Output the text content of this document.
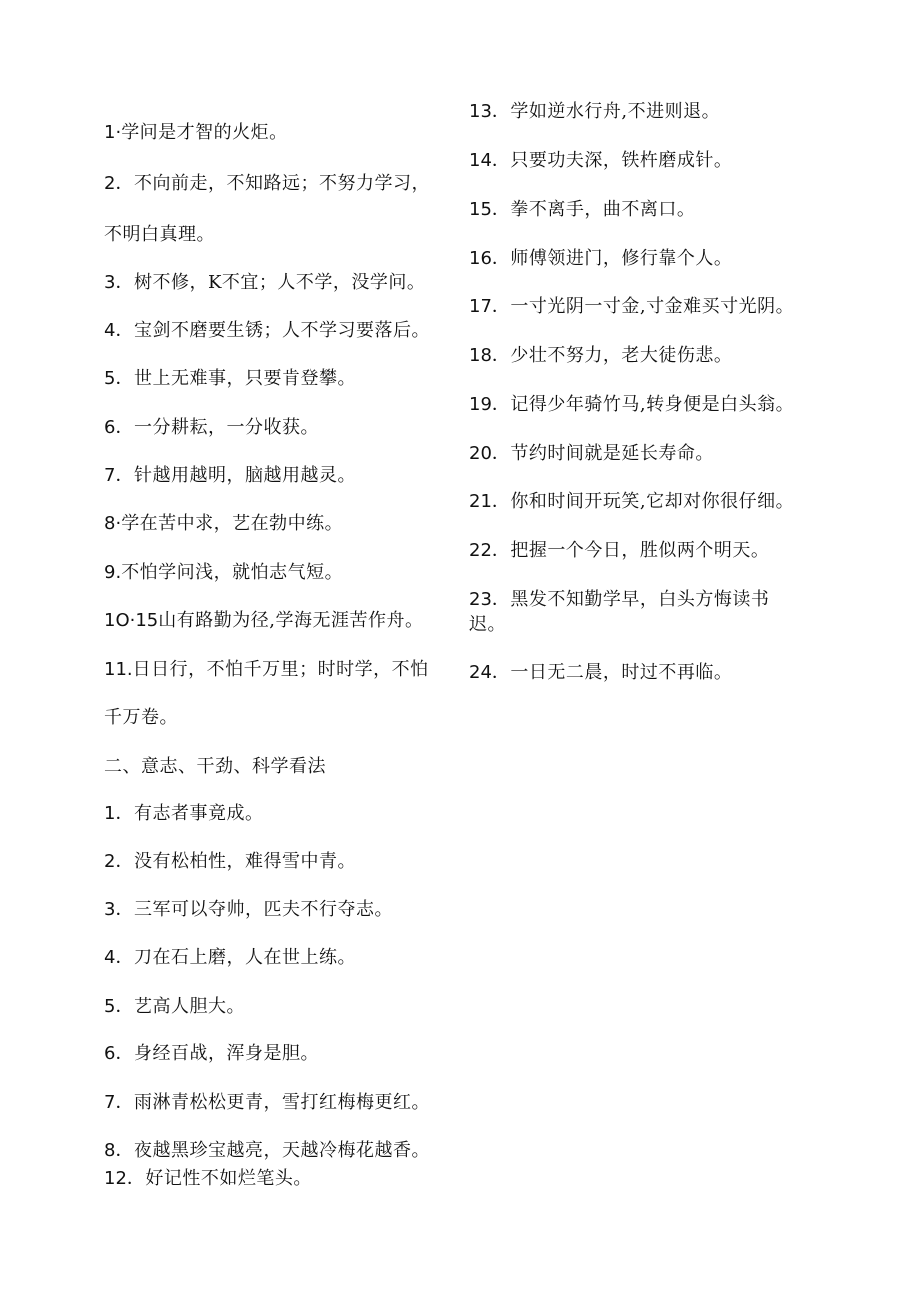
1·学问是才智的火炬。
2．不向前走，不知路远；不努力学习，
不明白真理。
3．树不修，K不宜；人不学，没学问。
4．宝剑不磨要生锈；人不学习要落后。
5．世上无难事，只要肯登攀。
6．一分耕耘，一分收获。
7．针越用越明，脑越用越灵。
8·学在苦中求，艺在勃中练。
9.不怕学问浅，就怕志气短。
1O·15山有路勤为径,学海无涯苦作舟。
11.日日行，不怕千万里；时时学，不怕
千万卷。
二、意志、干劲、科学看法
1．有志者事竟成。
2．没有松柏性，难得雪中青。
3．三军可以夺帅，匹夫不行夺志。
4．刀在石上磨，人在世上练。
5．艺高人胆大。
6．身经百战，浑身是胆。
7．雨淋青松松更青，雪打红梅梅更红。
8．夜越黑珍宝越亮，天越冷梅花越香。
12．好记性不如烂笔头。
13．学如逆水行舟,不进则退。
14．只要功夫深，铁杵磨成针。
15．拳不离手，曲不离口。
16．师傅领进门，修行靠个人。
17．一寸光阴一寸金,寸金难买寸光阴。
18．少壮不努力，老大徒伤悲。
19．记得少年骑竹马,转身便是白头翁。
20．节约时间就是延长寿命。
21．你和时间开玩笑,它却对你很仔细。
22．把握一个今日，胜似两个明天。
23．黑发不知勤学早，白头方悔读书
迟。
24．一日无二晨，时过不再临。
